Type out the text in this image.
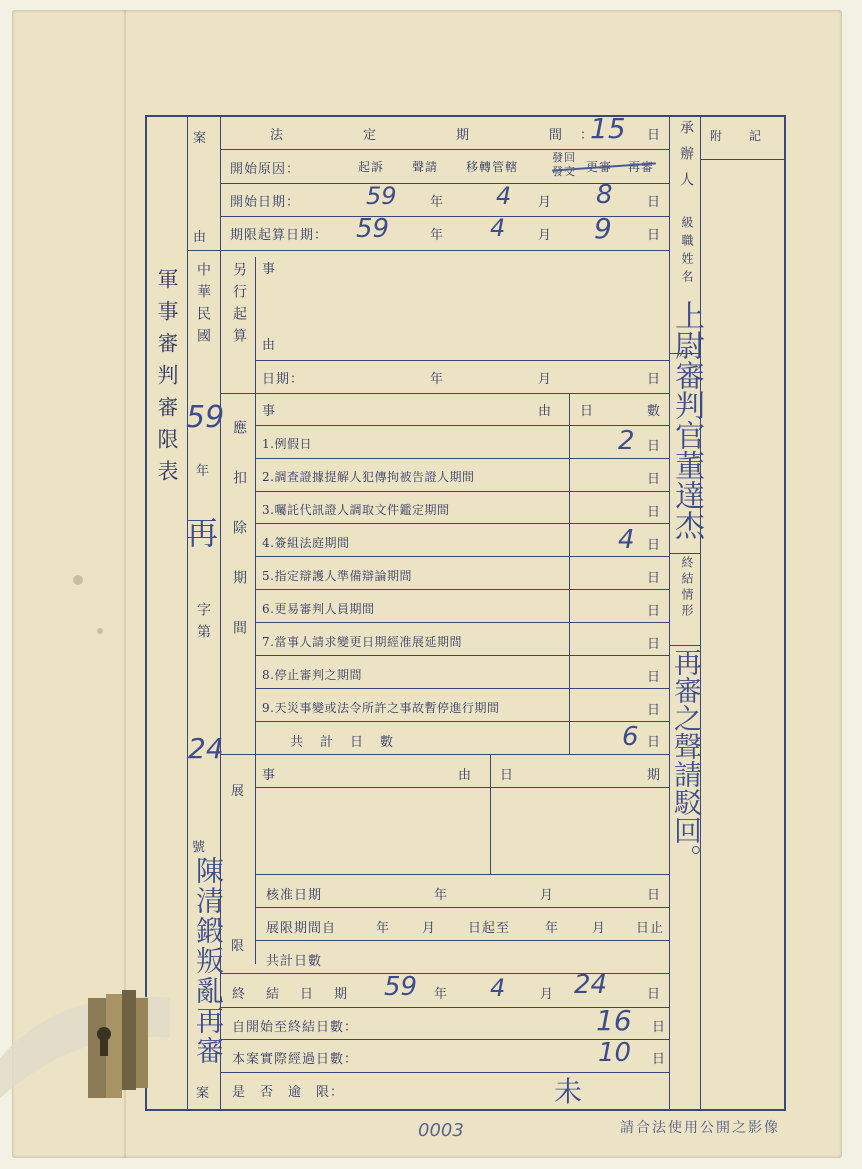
軍事審判審限表
案
由
中華民國
59
年
再
字第
24
號
陳清鍛叛亂再審
案
法　　定　　期　　間：
15 日
開始原因：	起訴 聲請 移轉管轄
發回
發交 更審 再審
開始日期：	59	年 4 月 8	日
期限起算日期： 59	年 4	月 9	日
另行起算 事
由
日期：	年	月	日
應扣除期間
事	由 日	數
1.例假日	2 日
2.調查證據提解人犯傳拘被告證人期間	日
3.囑託代訊證人調取文件鑑定期間	日
4.簽組法庭期間	4 日
5.指定辯護人準備辯論期間	日
6.更易審判人員期間	日
7.當事人請求變更日期經准展延期間	日
8.停止審判之期間	日
9.天災事變或法令所許之事故暫停進行期間	日
共　計　日　數	6 日
展
限
事	由 日	期
核准日期	年	月	日
展限期間自	年 月 日起至	年	月 日止
共計日數
終　結　日　期 59 年 4	月 24	日
自開始至終結日數：	16 日
本案實際經過日數：	10 日
是　否　逾　限：	未
承辦人
級職姓名
上尉審判官董達杰
終結情形
再審之聲請駁回。
附　　記
0003	請合法使用公開之影像
